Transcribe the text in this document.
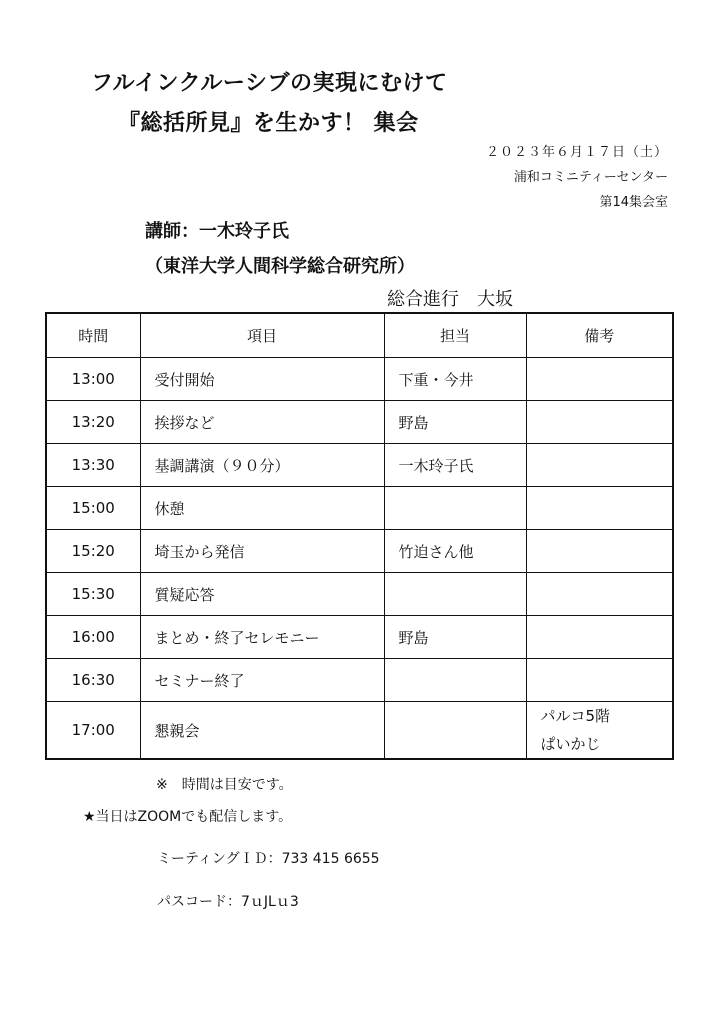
フルインクルーシブの実現にむけて
『総括所見』を生かす！ 集会
２０２３年６月１７日（土）
浦和コミニティーセンター
第14集会室
講師：一木玲子氏
（東洋大学人間科学総合研究所）
総合進行　大坂
時間	項目	担当	備考
13:00	受付開始	下重・今井	
13:20	挨拶など	野島	
13:30	基調講演（９０分）	一木玲子氏	
15:00	休憩		
15:20	埼玉から発信	竹迫さん他	
15:30	質疑応答		
16:00	まとめ・終了セレモニー	野島	
16:30	セミナー終了		
17:00	懇親会		パルコ5階
ぱいかじ
※　時間は目安です。
★当日はZOOMでも配信します。
ミーティングＩＤ：733 415 6655
パスコード：7ｕJLｕ3
